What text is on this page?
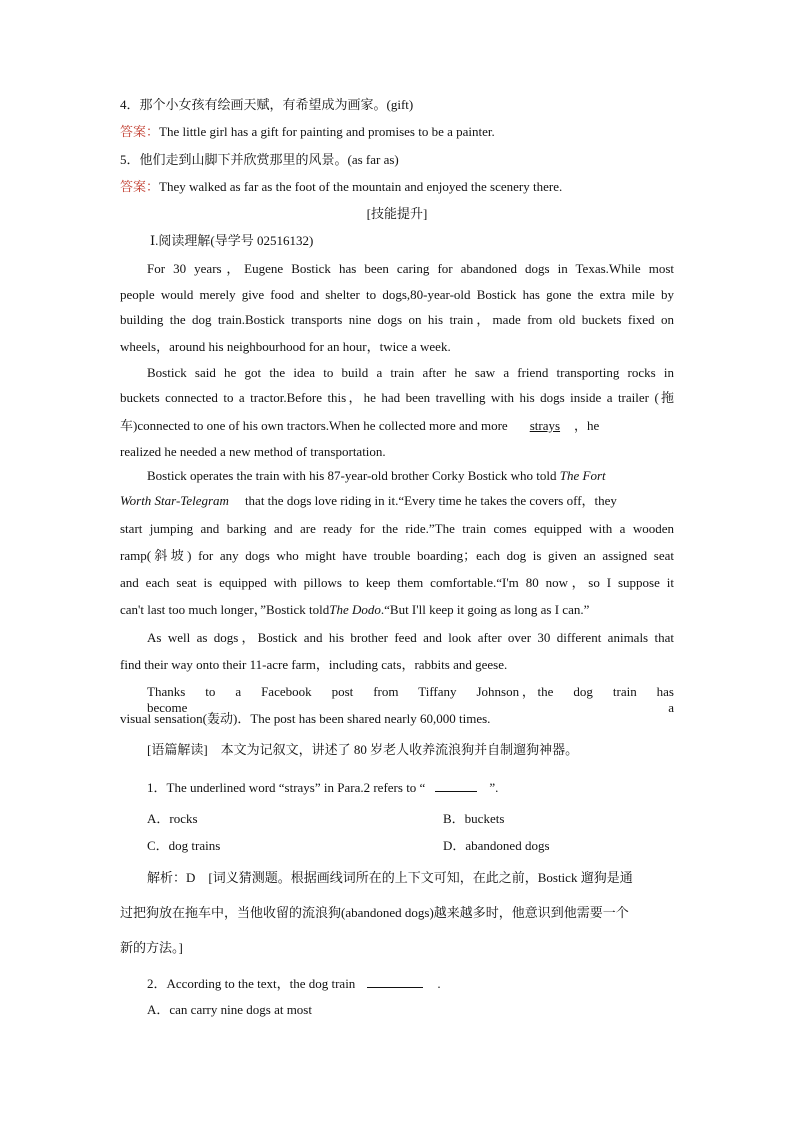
4．那个小女孩有绘画天赋，有希望成为画家。(gift)
答案：The little girl has a gift for painting and promises to be a painter.
5．他们走到山脚下并欣赏那里的风景。(as far as)
答案：They walked as far as the foot of the mountain and enjoyed the scenery there.
[技能提升]
Ⅰ.阅读理解(导学号 02516132)
For 30 years，Eugene Bostick has been caring for abandoned dogs in Texas.While most
people would merely give food and shelter to dogs,80-year-old Bostick has gone the extra mile by
building the dog train.Bostick transports nine dogs on his train，made from old buckets fixed on
wheels，around his neighbourhood for an hour，twice a week.
Bostick said he got the idea to build a train after he saw a friend transporting rocks in
buckets connected to a tractor.Before this，he had been travelling with his dogs inside a trailer (拖
车)connected to one of his own tractors.When he collected more and more strays ，he
realized he needed a new method of transportation.
Bostick operates the train with his 87-year-old brother Corky Bostick who told The Fort
Worth Star-Telegram that the dogs love riding in it.“Every time he takes the covers off，they
start jumping and barking and are ready for the ride.”The train comes equipped with a wooden
ramp(斜坡) for any dogs who might have trouble boarding；each dog is given an assigned seat
and each seat is equipped with pillows to keep them comfortable.“I'm 80 now，so I suppose it
can't last too much longer，”Bostick toldThe Dodo.“But I'll keep it going as long as I can.”
As well as dogs，Bostick and his brother feed and look after over 30 different animals that
find their way onto their 11-acre farm，including cats，rabbits and geese.
Thanks to a Facebook post from Tiffany Johnson，the dog train has become a
visual sensation(轰动)．The post has been shared nearly 60,000 times.
[语篇解读]　本文为记叙文，讲述了 80 岁老人收养流浪狗并自制遛狗神器。
1．The underlined word “strays” in Para.2 refers to “	”.
A．rocks	B．buckets
C．dog trains	D．abandoned dogs
解析：D　[词义猜测题。根据画线词所在的上下文可知，在此之前，Bostick 遛狗是通
过把狗放在拖车中，当他收留的流浪狗(abandoned dogs)越来越多时，他意识到他需要一个
新的方法。]
2．According to the text，the dog train	.
A．can carry nine dogs at most
